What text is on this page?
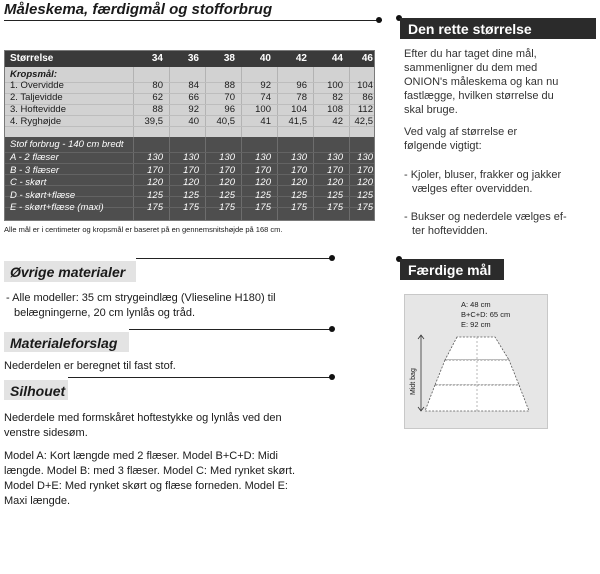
Måleskema, færdigmål og stofforbrug
Størrelse	34	36	38	40	42	44	46
Kropsmål:
1. Overvidde	80	84	88	92	96	100	104
2. Taljevidde	62	66	70	74	78	82	86
3. Hoftevidde	88	92	96	100	104	108	112
4. Ryghøjde	39,5	40	40,5	41	41,5	42	42,5
Stof forbrug - 140 cm bredt
A - 2 flæser	130	130	130	130	130	130	130
B - 3 flæser	170	170	170	170	170	170	170
C - skørt	120	120	120	120	120	120	120
D - skørt+flæse	125	125	125	125	125	125	125
E - skørt+flæse (maxi)	175	175	175	175	175	175	175
Alle mål er i centimeter og kropsmål er baseret på en gennemsnitshøjde på 168 cm.
Øvrige materialer
- Alle modeller: 35 cm strygeindlæg (Vlieseline H180) til
belægningerne, 20 cm lynlås og tråd.
Materialeforslag
Nederdelen er beregnet til fast stof.
Silhouet
Nederdele med formskåret hoftestykke og lynlås ved den
venstre sidesøm.
Model A: Kort længde med 2 flæser. Model B+C+D: Midi
længde. Model B: med 3 flæser. Model C: Med rynket skørt.
Model D+E: Med rynket skørt og flæse forneden. Model E:
Maxi længde.
Den rette størrelse
Efter du har taget dine mål,
sammenligner du dem med
ONION's måleskema og kan nu
fastlægge, hvilken størrelse du
skal bruge.
Ved valg af størrelse er
følgende vigtigt:
- Kjoler, bluser, frakker og jakker
vælges efter overvidden.
- Bukser og nederdele vælges ef-
ter hoftevidden.
Færdige mål
A: 48 cm
B+C+D: 65 cm
E: 92 cm
Midt bag
